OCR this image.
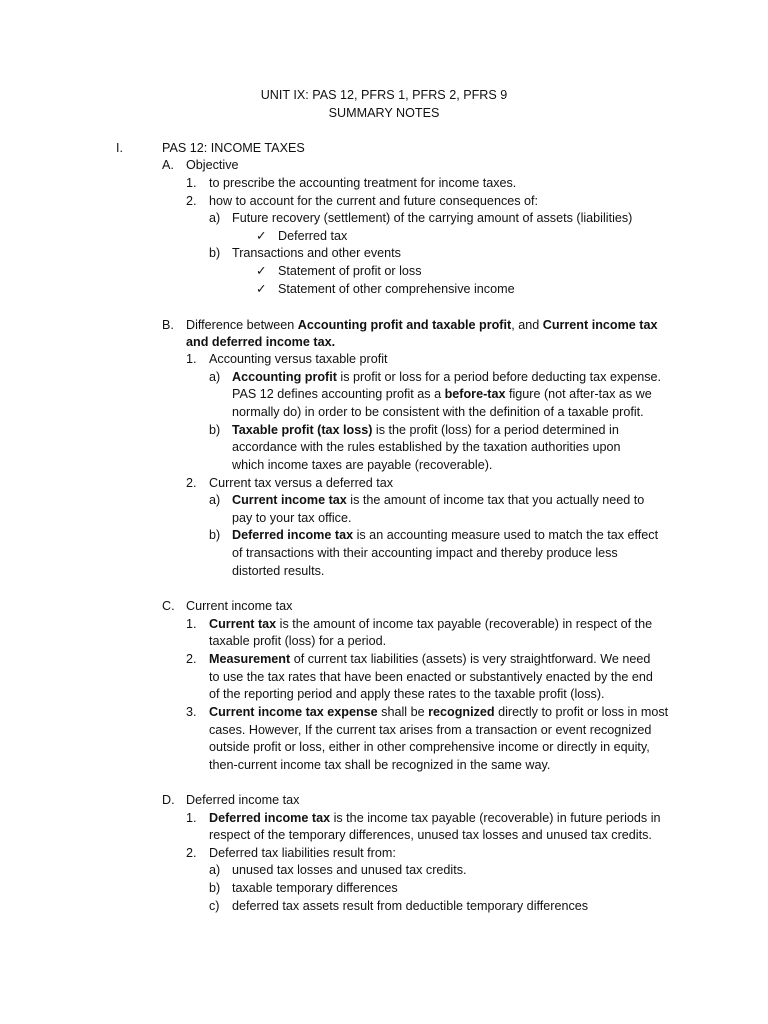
UNIT IX: PAS 12, PFRS 1, PFRS 2, PFRS 9
SUMMARY NOTES
I.	PAS 12: INCOME TAXES
A. Objective
1. to prescribe the accounting treatment for income taxes.
2. how to account for the current and future consequences of:
a) Future recovery (settlement) of the carrying amount of assets (liabilities)
✓ Deferred tax
b) Transactions and other events
✓ Statement of profit or loss
✓ Statement of other comprehensive income
B. Difference between Accounting profit and taxable profit, and Current income tax
and deferred income tax.
1. Accounting versus taxable profit
a) Accounting profit is profit or loss for a period before deducting tax expense.
PAS 12 defines accounting profit as a before-tax figure (not after-tax as we
normally do) in order to be consistent with the definition of a taxable profit.
b) Taxable profit (tax loss) is the profit (loss) for a period determined in
accordance with the rules established by the taxation authorities upon
which income taxes are payable (recoverable).
2. Current tax versus a deferred tax
a) Current income tax is the amount of income tax that you actually need to
pay to your tax office.
b) Deferred income tax is an accounting measure used to match the tax effect
of transactions with their accounting impact and thereby produce less
distorted results.
C. Current income tax
1. Current tax is the amount of income tax payable (recoverable) in respect of the
taxable profit (loss) for a period.
2. Measurement of current tax liabilities (assets) is very straightforward. We need
to use the tax rates that have been enacted or substantively enacted by the end
of the reporting period and apply these rates to the taxable profit (loss).
3. Current income tax expense shall be recognized directly to profit or loss in most
cases. However, If the current tax arises from a transaction or event recognized
outside profit or loss, either in other comprehensive income or directly in equity,
then-current income tax shall be recognized in the same way.
D. Deferred income tax
1. Deferred income tax is the income tax payable (recoverable) in future periods in
respect of the temporary differences, unused tax losses and unused tax credits.
2. Deferred tax liabilities result from:
a) unused tax losses and unused tax credits.
b) taxable temporary differences
c) deferred tax assets result from deductible temporary differences
